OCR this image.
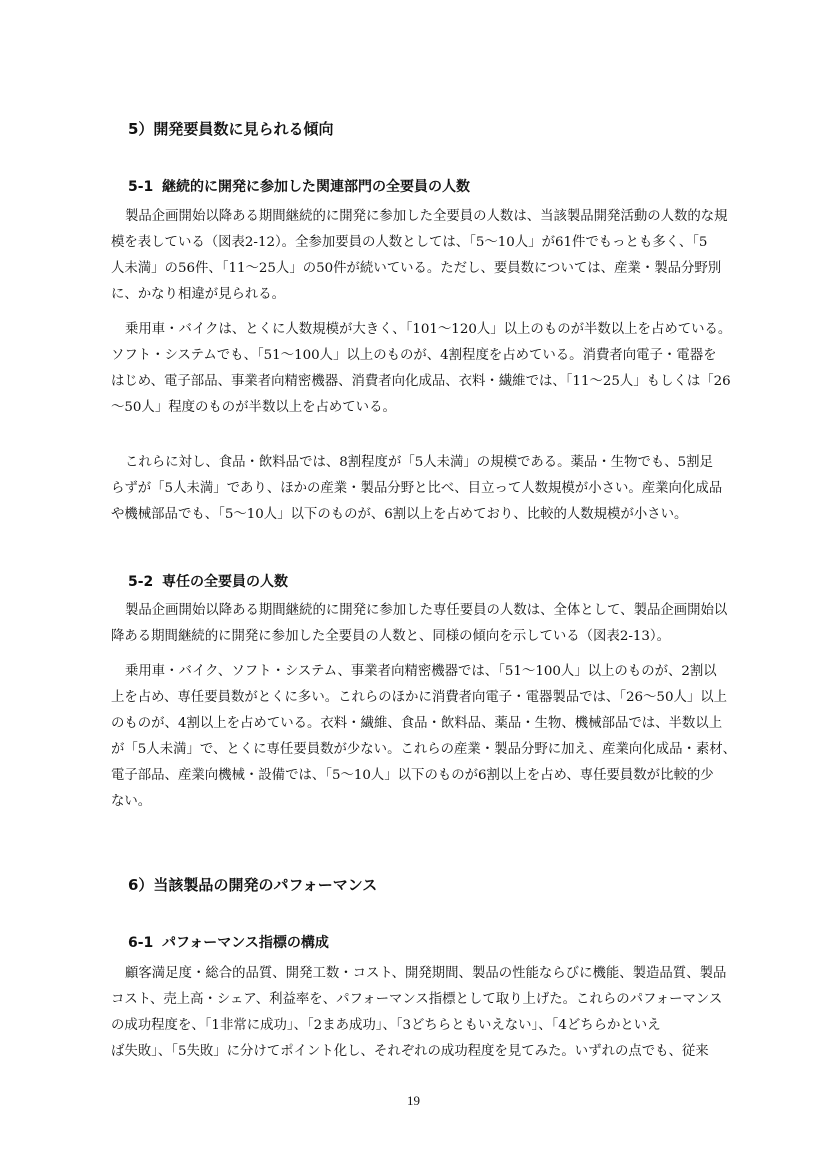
5）開発要員数に見られる傾向
5-1 継続的に開発に参加した関連部門の全要員の人数
製品企画開始以降ある期間継続的に開発に参加した全要員の人数は、当該製品開発活動の人数的な規
模を表している（図表2-12）。全参加要員の人数としては、「5～10人」が61件でもっとも多く、「5
人未満」の56件、「11～25人」の50件が続いている。ただし、要員数については、産業・製品分野別
に、かなり相違が見られる。
乗用車・バイクは、とくに人数規模が大きく、「101～120人」以上のものが半数以上を占めている。
ソフト・システムでも、「51～100人」以上のものが、4割程度を占めている。消費者向電子・電器を
はじめ、電子部品、事業者向精密機器、消費者向化成品、衣料・繊維では、「11～25人」もしくは「26
～50人」程度のものが半数以上を占めている。
これらに対し、食品・飲料品では、8割程度が「5人未満」の規模である。薬品・生物でも、5割足
らずが「5人未満」であり、ほかの産業・製品分野と比べ、目立って人数規模が小さい。産業向化成品
や機械部品でも、「5～10人」以下のものが、6割以上を占めており、比較的人数規模が小さい。
5-2 専任の全要員の人数
製品企画開始以降ある期間継続的に開発に参加した専任要員の人数は、全体として、製品企画開始以
降ある期間継続的に開発に参加した全要員の人数と、同様の傾向を示している（図表2-13）。
乗用車・バイク、ソフト・システム、事業者向精密機器では、「51～100人」以上のものが、2割以
上を占め、専任要員数がとくに多い。これらのほかに消費者向電子・電器製品では、「26～50人」以上
のものが、4割以上を占めている。衣料・繊維、食品・飲料品、薬品・生物、機械部品では、半数以上
が「5人未満」で、とくに専任要員数が少ない。これらの産業・製品分野に加え、産業向化成品・素材、
電子部品、産業向機械・設備では、「5～10人」以下のものが6割以上を占め、専任要員数が比較的少
ない。
6）当該製品の開発のパフォーマンス
6-1 パフォーマンス指標の構成
顧客満足度・総合的品質、開発工数・コスト、開発期間、製品の性能ならびに機能、製造品質、製品
コスト、売上高・シェア、利益率を、パフォーマンス指標として取り上げた。これらのパフォーマンス
の成功程度を、「1非常に成功」、「2まあ成功」、「3どちらともいえない」、「4どちらかといえ
ば失敗」、「5失敗」に分けてポイント化し、それぞれの成功程度を見てみた。いずれの点でも、従来
19
